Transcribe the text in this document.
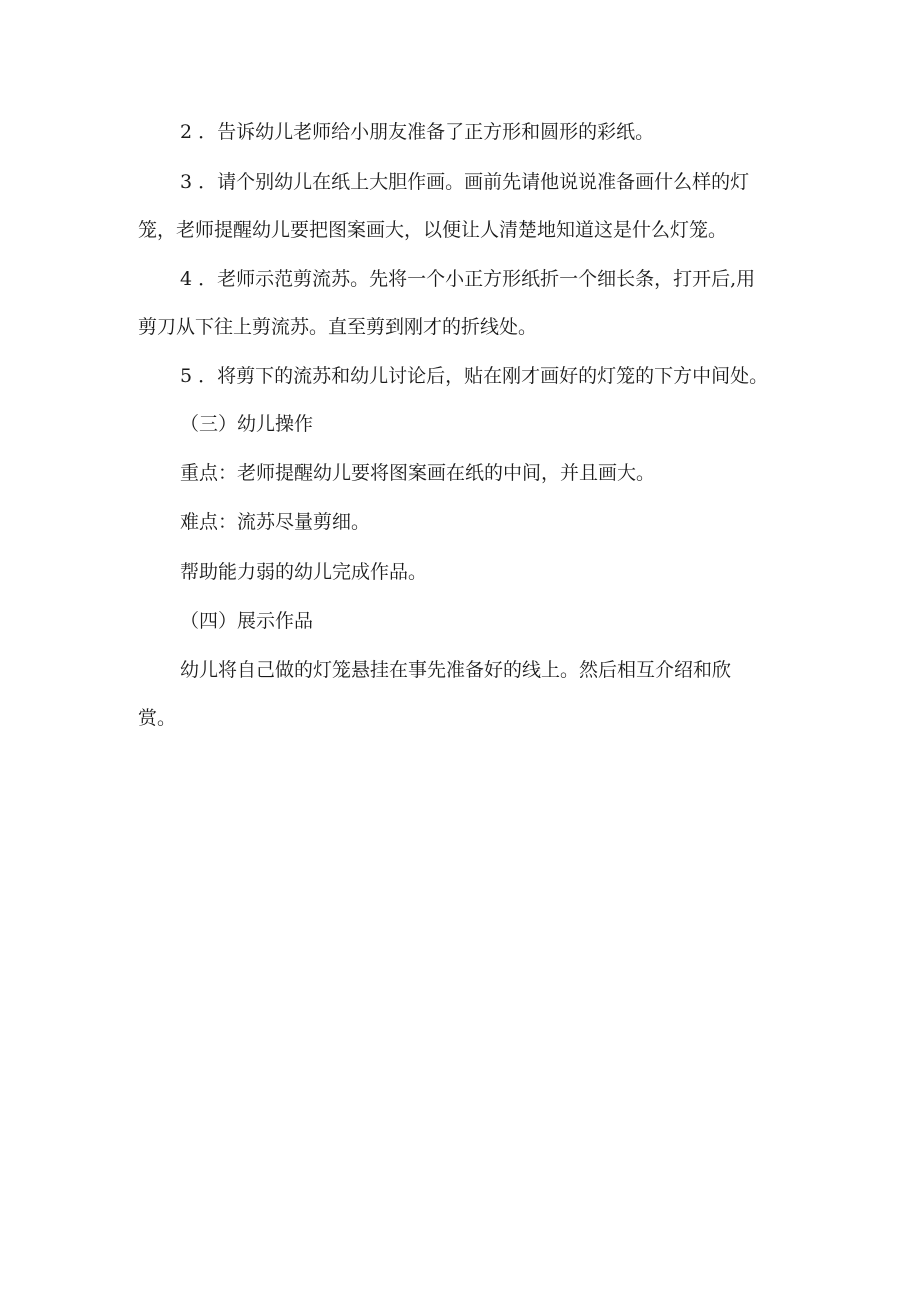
2 ．告诉幼儿老师给小朋友准备了正方形和圆形的彩纸。

3 ．请个别幼儿在纸上大胆作画。画前先请他说说准备画什么样的灯
笼，老师提醒幼儿要把图案画大，以便让人清楚地知道这是什么灯笼。

4 ．老师示范剪流苏。先将一个小正方形纸折一个细长条，打开后,用
剪刀从下往上剪流苏。直至剪到刚才的折线处。

5 ．将剪下的流苏和幼儿讨论后，贴在刚才画好的灯笼的下方中间处。

（三）幼儿操作

重点：老师提醒幼儿要将图案画在纸的中间，并且画大。

难点：流苏尽量剪细。

帮助能力弱的幼儿完成作品。

（四）展示作品

幼儿将自己做的灯笼悬挂在事先准备好的线上。然后相互介绍和欣
赏。
